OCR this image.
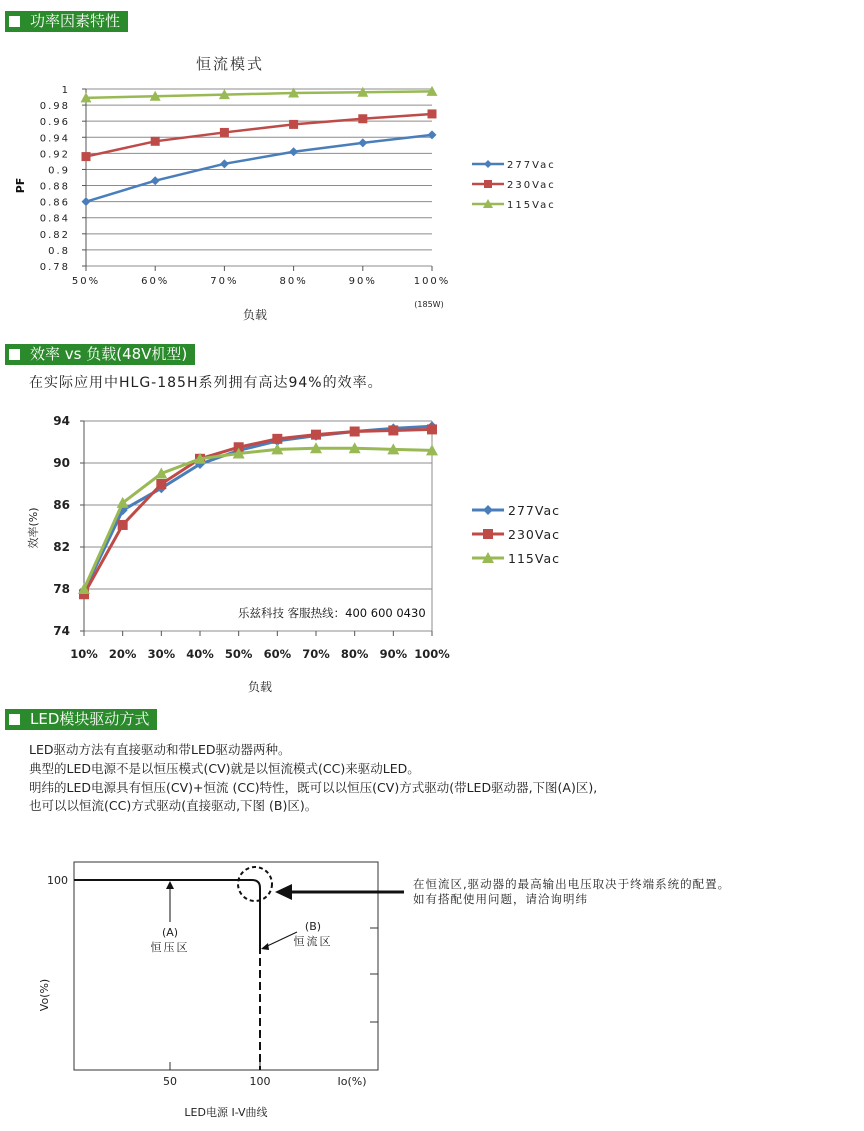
功率因素特性
恒流模式
0.78
0.8
0.82
0.84
0.86
0.88
0.9
0.92
0.94
0.96
0.98
1
50%	60%	70%	80%	90%	100%
(185W)
负载
PF
277Vac
230Vac
115Vac
效率 vs 负载(48V机型)
在实际应用中HLG-185H系列拥有高达94%的效率。
74
78
82
86
90
94
10% 20% 30% 40% 50% 60% 70% 80% 90% 100%
负载
效率(%)
乐兹科技 客服热线：400 600 0430
277Vac
230Vac
115Vac
LED模块驱动方式
LED驱动方法有直接驱动和带LED驱动器两种。
典型的LED电源不是以恒压模式(CV)就是以恒流模式(CC)来驱动LED。
明纬的LED电源具有恒压(CV)+恒流 (CC)特性，既可以以恒压(CV)方式驱动(带LED驱动器,下图(A)区),
也可以以恒流(CC)方式驱动(直接驱动,下图 (B)区)。
50	100	Io(%)
100
Vo(%)
LED电源 I-V曲线
(A)
恒压区
(B)
恒流区
在恒流区,驱动器的最高输出电压取决于终端系统的配置。
如有搭配使用问题，请洽询明纬
